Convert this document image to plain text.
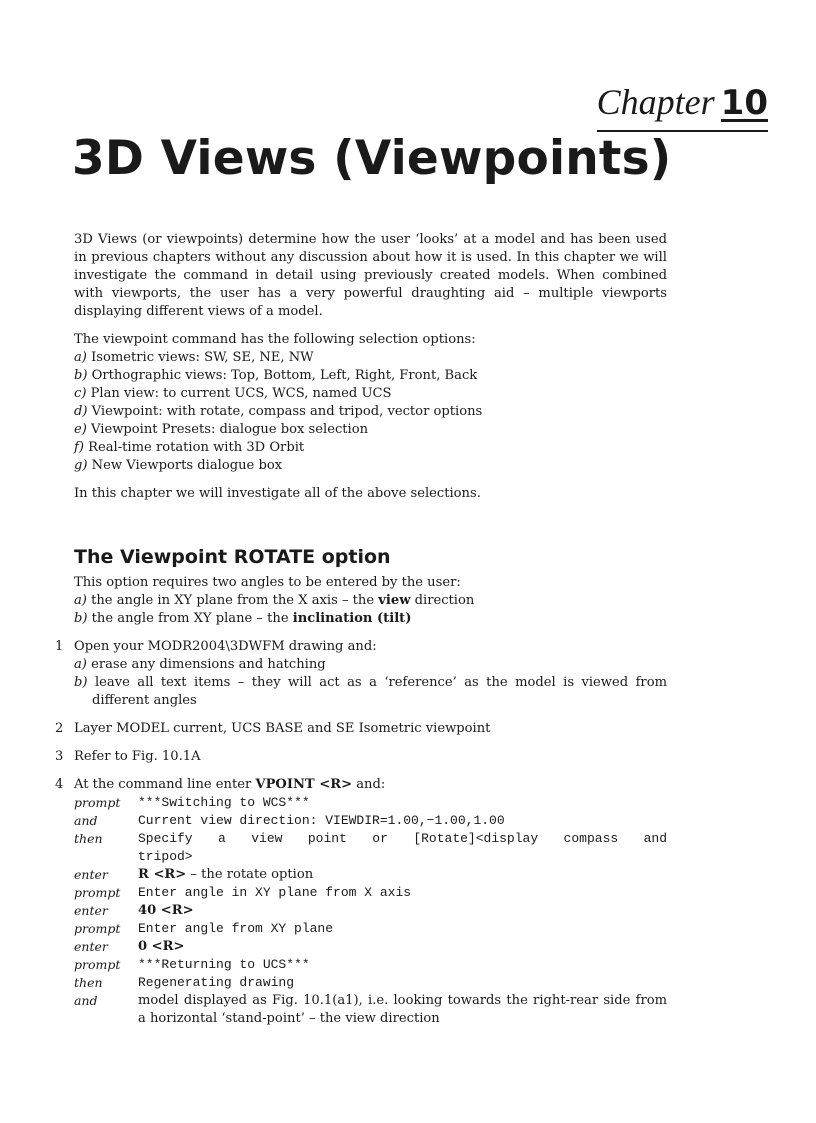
Chapter 10
3D Views (Viewpoints)

3D Views (or viewpoints) determine how the user ‘looks’ at a model and has been used in previous chapters without any discussion about how it is used. In this chapter we will investigate the command in detail using previously created models. When combined with viewports, the user has a very powerful draughting aid – multiple viewports displaying different views of a model.

The viewpoint command has the following selection options:
a) Isometric views: SW, SE, NE, NW
b) Orthographic views: Top, Bottom, Left, Right, Front, Back
c) Plan view: to current UCS, WCS, named UCS
d) Viewpoint: with rotate, compass and tripod, vector options
e) Viewpoint Presets: dialogue box selection
f) Real-time rotation with 3D Orbit
g) New Viewports dialogue box

In this chapter we will investigate all of the above selections.

The Viewpoint ROTATE option
This option requires two angles to be entered by the user:
a) the angle in XY plane from the X axis – the view direction
b) the angle from XY plane – the inclination (tilt)
1 Open your MODR2004\3DWFM drawing and:
a) erase any dimensions and hatching
b) leave all text items – they will act as a ‘reference’ as the model is viewed from different angles
2 Layer MODEL current, UCS BASE and SE Isometric viewpoint
3 Refer to Fig. 10.1A
4 At the command line enter VPOINT <R> and:
prompt	***Switching to WCS***
and	Current view direction: VIEWDIR=1.00,−1.00,1.00
then	Specify a view point or [Rotate]<display compass and tripod>
enter	R <R> – the rotate option
prompt	Enter angle in XY plane from X axis
enter	40 <R>
prompt	Enter angle from XY plane
enter	0 <R>
prompt	***Returning to UCS***
then	Regenerating drawing
and	model displayed as Fig. 10.1(a1), i.e. looking towards the right-rear side from a horizontal ‘stand-point’ – the view direction
